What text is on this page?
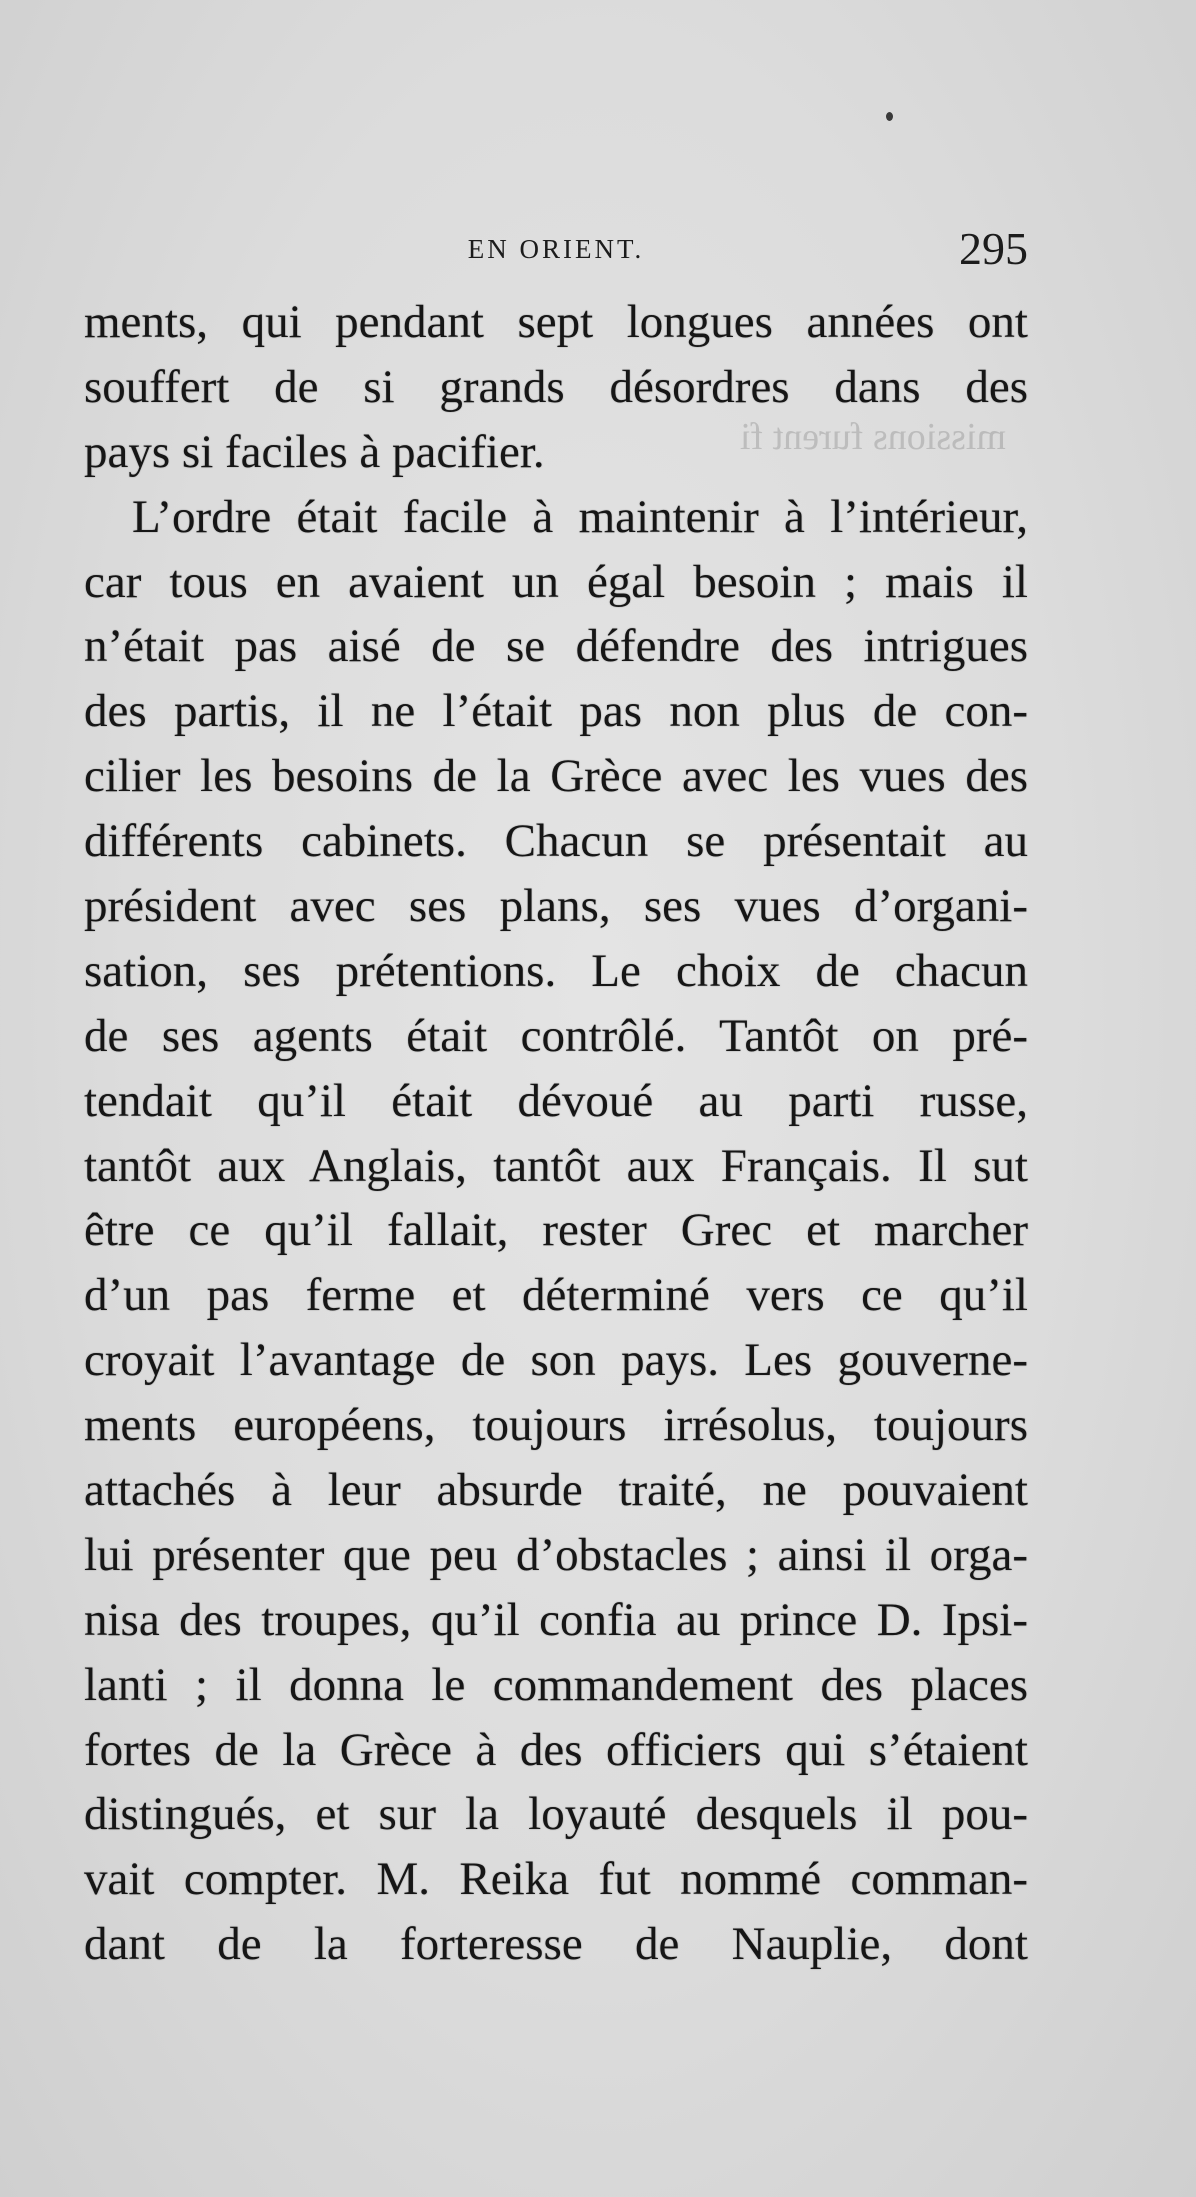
EN ORIENT.	295
missions furent fi
ments, qui pendant sept longues années ont
souffert de si grands désordres dans des
pays si faciles à pacifier.
L’ordre était facile à maintenir à l’intérieur,
car tous en avaient un égal besoin ; mais il
n’était pas aisé de se défendre des intrigues
des partis, il ne l’était pas non plus de con-
cilier les besoins de la Grèce avec les vues des
différents cabinets. Chacun se présentait au
président avec ses plans, ses vues d’organi-
sation, ses prétentions. Le choix de chacun
de ses agents était contrôlé. Tantôt on pré-
tendait qu’il était dévoué au parti russe,
tantôt aux Anglais, tantôt aux Français. Il sut
être ce qu’il fallait, rester Grec et marcher
d’un pas ferme et déterminé vers ce qu’il
croyait l’avantage de son pays. Les gouverne-
ments européens, toujours irrésolus, toujours
attachés à leur absurde traité, ne pouvaient
lui présenter que peu d’obstacles ; ainsi il orga-
nisa des troupes, qu’il confia au prince D. Ipsi-
lanti ; il donna le commandement des places
fortes de la Grèce à des officiers qui s’étaient
distingués, et sur la loyauté desquels il pou-
vait compter. M. Reika fut nommé comman-
dant de la forteresse de Nauplie, dont
